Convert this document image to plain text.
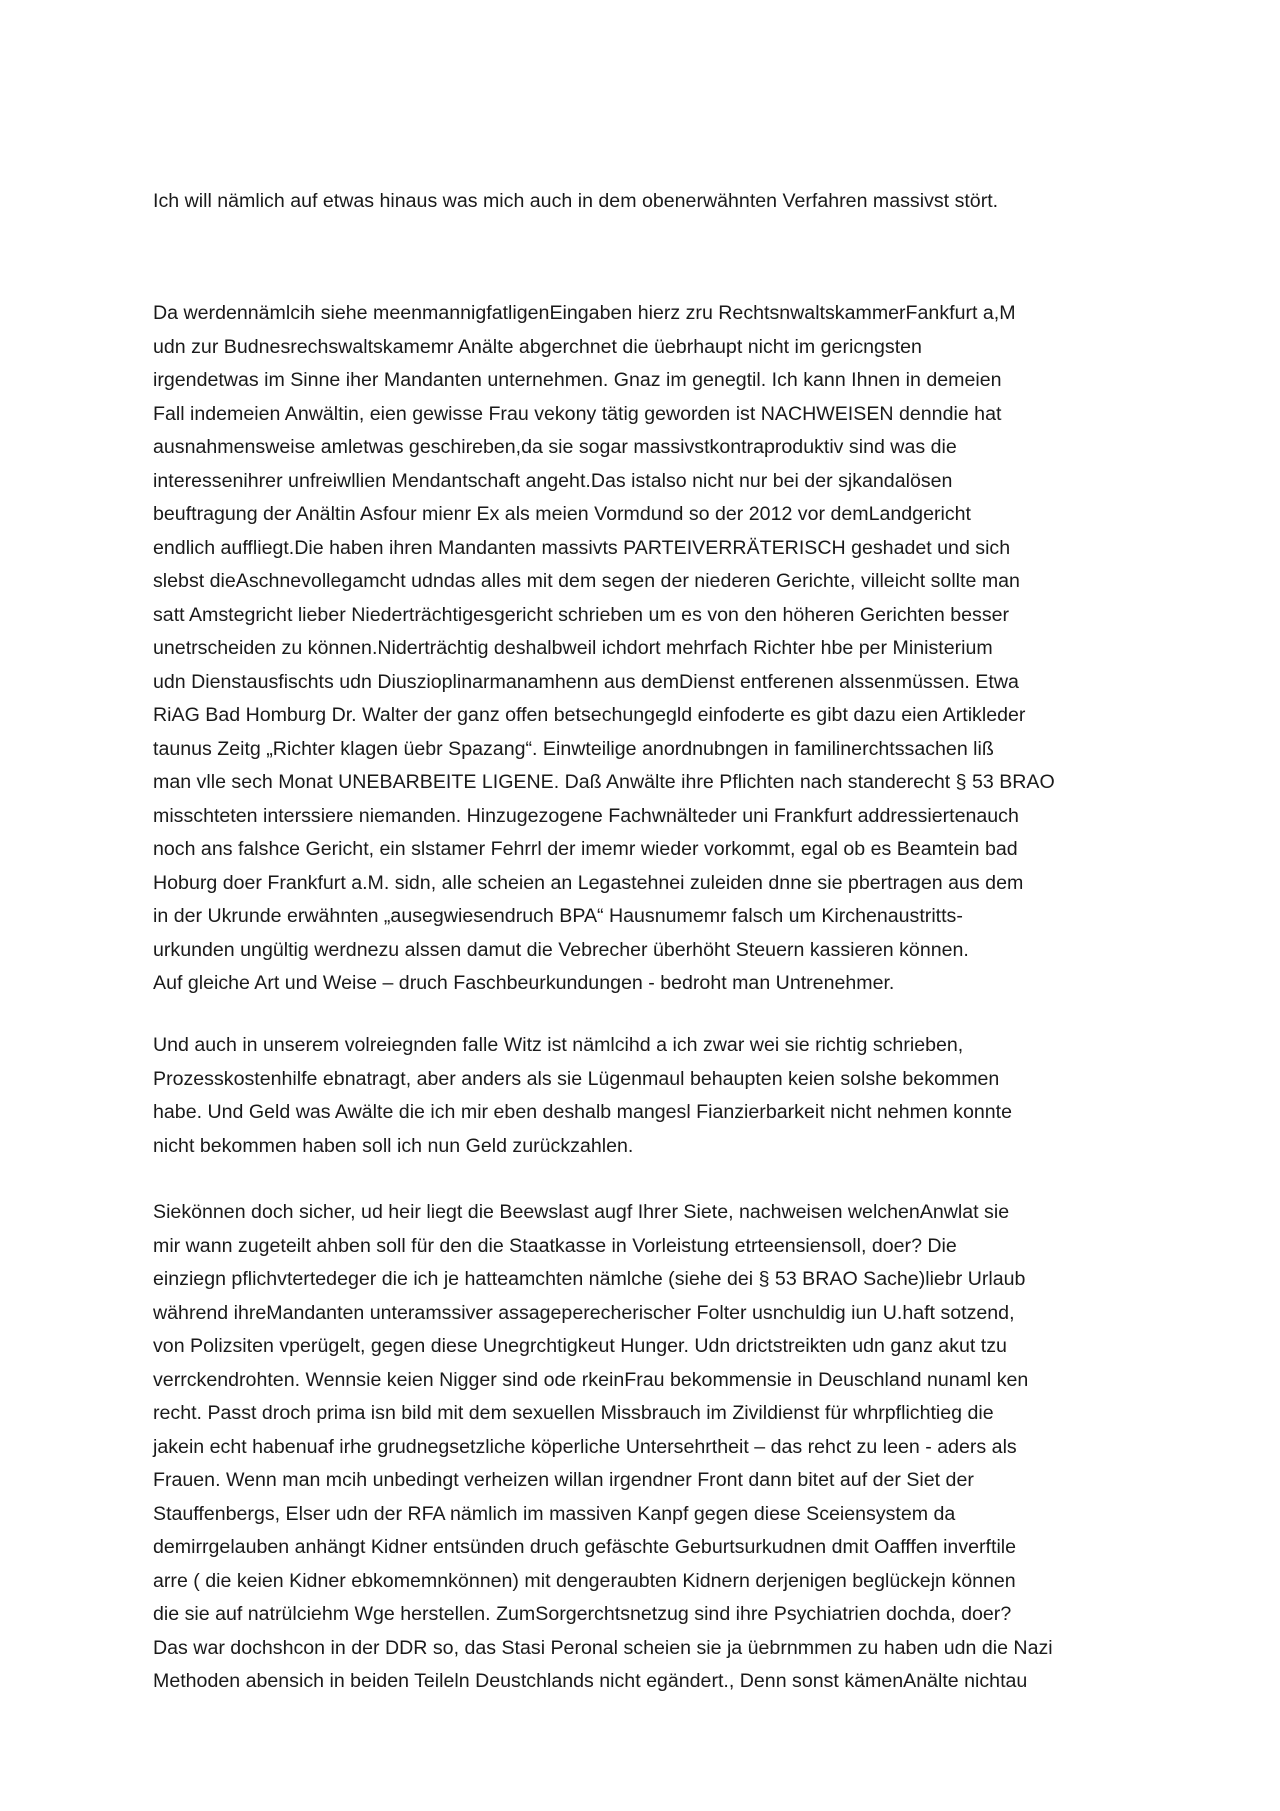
Ich will nämlich auf etwas hinaus was mich auch in dem obenerwähnten Verfahren massivst stört.
Da werdennämlcih siehe meenmannigfatligenEingaben hierz zru RechtsnwaltskammerFankfurt a,M
udn zur Budnesrechswaltskamemr Anälte abgerchnet die üebrhaupt nicht im gericngsten
irgendetwas im Sinne iher Mandanten unternehmen. Gnaz im genegtil. Ich kann Ihnen in demeien
Fall indemeien Anwältin, eien gewisse Frau vekony tätig geworden ist NACHWEISEN denndie hat
ausnahmensweise amletwas geschireben,da sie sogar massivstkontraproduktiv sind was die
interessenihrer unfreiwllien Mendantschaft angeht.Das istalso nicht nur bei der sjkandalösen
beuftragung der Anältin Asfour mienr Ex als meien Vormdund so der 2012 vor demLandgericht
endlich auffliegt.Die haben ihren Mandanten massivts PARTEIVERRÄTERISCH geshadet und sich
slebst dieAschnevollegamcht udndas alles mit dem segen der niederen Gerichte, villeicht sollte man
satt Amstegricht lieber Niederträchtigesgericht schrieben um es von den höheren Gerichten besser
unetrscheiden zu können.Niderträchtig deshalbweil ichdort mehrfach Richter hbe per Ministerium
udn Dienstausfischts udn Diuszioplinarmanamhenn aus demDienst entferenen alssenmüssen. Etwa
RiAG Bad Homburg Dr. Walter der ganz offen betsechungegld einfoderte es gibt dazu eien Artikleder
taunus Zeitg „Richter klagen üebr Spazang“. Einwteilige anordnubngen in familinerchtssachen liß
man vlle sech Monat UNEBARBEITE LIGENE. Daß Anwälte ihre Pflichten nach standerecht § 53 BRAO
misschteten interssiere niemanden. Hinzugezogene Fachwnälteder uni Frankfurt addressiertenauch
noch ans falshce Gericht, ein slstamer Fehrrl der imemr wieder vorkommt, egal ob es Beamtein bad
Hoburg doer Frankfurt a.M. sidn, alle scheien an Legastehnei zuleiden dnne sie pbertragen aus dem
in der Ukrunde erwähnten „ausegwiesendruch BPA“ Hausnumemr falsch um Kirchenaustritts-
urkunden ungültig werdnezu alssen damut die Vebrecher überhöht Steuern kassieren können.
Auf gleiche Art und Weise – druch Faschbeurkundungen - bedroht man Untrenehmer.
Und auch in unserem volreiegnden falle Witz ist nämlcihd a ich zwar wei sie richtig schrieben,
Prozesskostenhilfe ebnatragt, aber anders als sie Lügenmaul behaupten keien solshe bekommen
habe. Und Geld was Awälte die ich mir eben deshalb mangesl Fianzierbarkeit nicht nehmen konnte
nicht bekommen haben soll ich nun Geld zurückzahlen.
Siekönnen doch sicher, ud heir liegt die Beewslast augf Ihrer Siete, nachweisen welchenAnwlat sie
mir wann zugeteilt ahben soll für den die Staatkasse in Vorleistung etrteensiensoll, doer? Die
einziegn pflichvtertedeger die ich je hatteamchten nämlche (siehe dei § 53 BRAO Sache)liebr Urlaub
während ihreMandanten unteramssiver assageperecherischer Folter usnchuldig iun U.haft sotzend,
von Polizsiten vperügelt, gegen diese Unegrchtigkeut Hunger. Udn drictstreikten udn ganz akut tzu
verrckendrohten. Wennsie keien Nigger sind ode rkeinFrau bekommensie in Deuschland nunaml ken
recht. Passt droch prima isn bild mit dem sexuellen Missbrauch im Zivildienst für whrpflichtieg die
jakein echt habenuaf irhe grudnegsetzliche köperliche Untersehrtheit – das rehct zu leen - aders als
Frauen. Wenn man mcih unbedingt verheizen willan irgendner Front dann bitet auf der Siet der
Stauffenbergs, Elser udn der RFA nämlich im massiven Kanpf gegen diese Sceiensystem da
demirrgelauben anhängt Kidner entsünden druch gefäschte Geburtsurkudnen dmit Oafffen inverftile
arre ( die keien Kidner ebkomemnkönnen) mit dengeraubten Kidnern derjenigen beglückejn können
die sie auf natrülciehm Wge herstellen. ZumSorgerchtsnetzug sind ihre Psychiatrien dochda, doer?
Das war dochshcon in der DDR so, das Stasi Peronal scheien sie ja üebrnmmen zu haben udn die Nazi
Methoden abensich in beiden Teileln Deustchlands nicht egändert., Denn sonst kämenAnälte nichtau
